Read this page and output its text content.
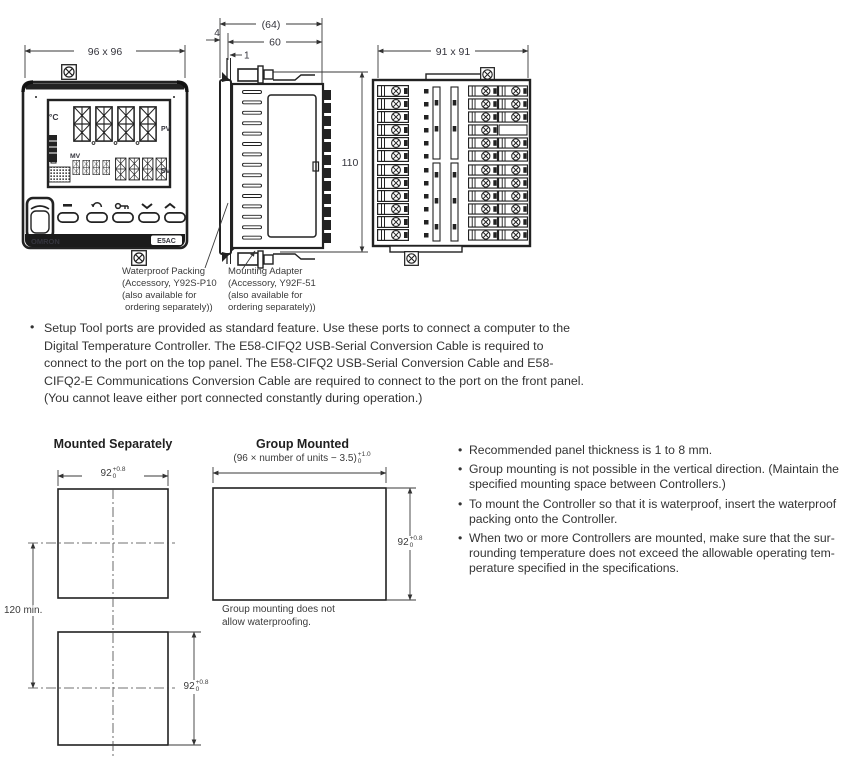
96 x 96
°C
PV
MV
SV
OMRON	E5AC
(64)
60
4
1
110
91 x 91
Waterproof Packing
(Accessory, Y92S-P10
(also available for
ordering separately))
Mounting Adapter
(Accessory, Y92F-51
(also available for
ordering separately))
• Setup Tool ports are provided as standard feature. Use these ports to connect a computer to the
Digital Temperature Controller. The E58-CIFQ2 USB-Serial Conversion Cable is required to
connect to the port on the top panel. The E58-CIFQ2 USB-Serial Conversion Cable and E58-
CIFQ2-E Communications Conversion Cable are required to connect to the port on the front panel.
(You cannot leave either port connected constantly during operation.)
Mounted Separately
92 +0.8
0
120 min.
92 +0.8
0
Group Mounted
(96 × number of units − 3.5) +1.0
0
92 +0.8
0
Group mounting does not
allow waterproofing.
• Recommended panel thickness is 1 to 8 mm.
• Group mounting is not possible in the vertical direction. (Maintain the
specified mounting space between Controllers.)
• To mount the Controller so that it is waterproof, insert the waterproof
packing onto the Controller.
• When two or more Controllers are mounted, make sure that the sur-
rounding temperature does not exceed the allowable operating tem-
perature specified in the specifications.
